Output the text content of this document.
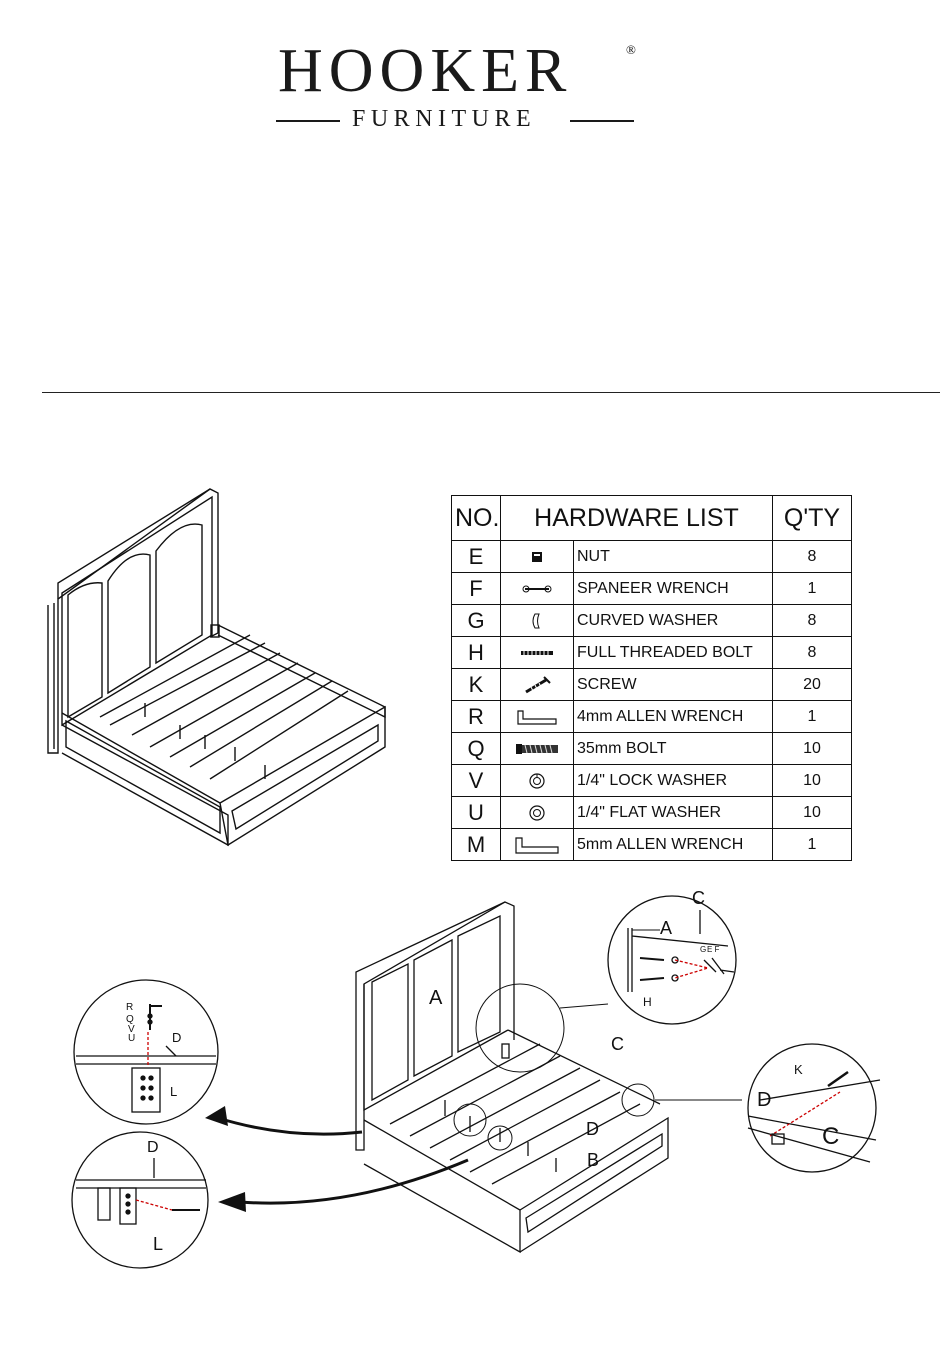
HOOKER	®
FURNITURE
NO.	HARDWARE LIST		Q'TY
E		NUT	8
F		SPANEER WRENCH	1
G		CURVED WASHER	8
H		FULL THREADED BOLT	8
K		SCREW	20
R		4mm ALLEN WRENCH	1
Q		35mm BOLT	10
V		1/4" LOCK WASHER	10
U		1/4" FLAT WASHER	10
M		5mm ALLEN WRENCH	1
A
C
B
D
C
A
H
G E F
K
D
C
R
Q
V
U	D
L
D
L
